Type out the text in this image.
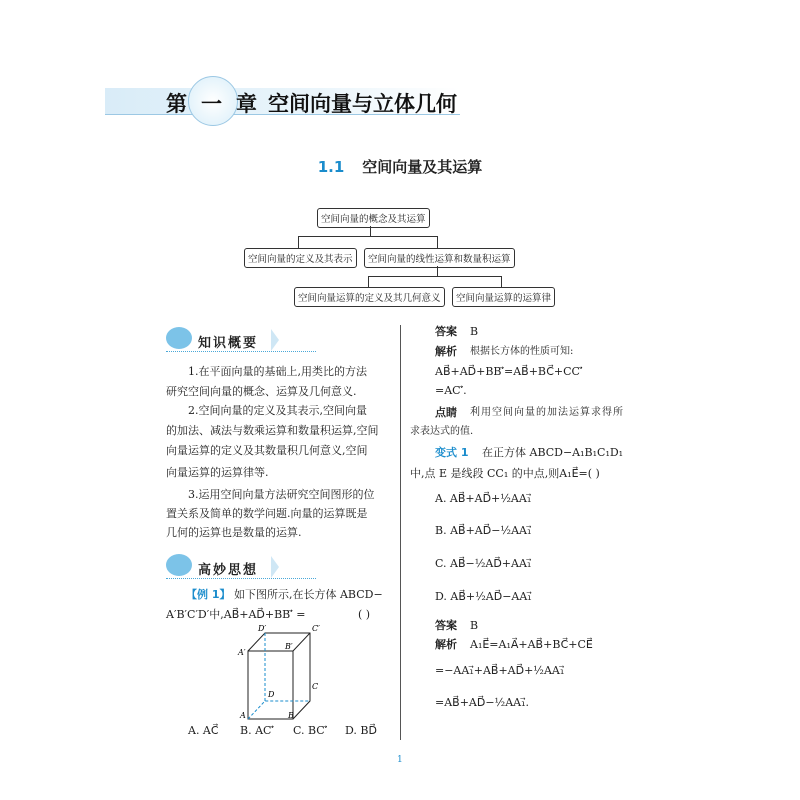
第 一 章 空间向量与立体几何
1.1 空间向量及其运算
空间向量的概念及其运算
空间向量的定义及其表示	空间向量的线性运算和数量积运算
空间向量运算的定义及其几何意义	空间向量运算的运算律
知识概要
1.在平面向量的基础上,用类比的方法
研究空间向量的概念、运算及几何意义.
2.空间向量的定义及其表示,空间向量
的加法、减法与数乘运算和数量积运算,空间
向量运算的定义及其数量积几何意义,空间
向量运算的运算律等.
3.运用空间向量方法研究空间图形的位
置关系及简单的数学问题.向量的运算既是
几何的运算也是数量的运算.
高妙思想
【例 1】 如下图所示,在长方体 ABCD−
A′B′C′D′中,AB⃗+AD⃗+BB′⃗ =	( )
D′	C′
A′
B′
D
C
A	B
A. AC⃗ B. AC′⃗ C. BC′⃗ D. BD⃗
答案 B
解析 根据长方体的性质可知:
AB⃗+AD⃗+BB′⃗=AB⃗+BC⃗+CC′⃗
=AC′⃗.
点睛 利用空间向量的加法运算求得所
求表达式的值.
变式 1 在正方体 ABCD−A₁B₁C₁D₁
中,点 E 是线段 CC₁ 的中点,则A₁E⃗=( )
A. AB⃗+AD⃗+½AA₁⃗
B. AB⃗+AD⃗−½AA₁⃗
C. AB⃗−½AD⃗+AA₁⃗
D. AB⃗+½AD⃗−AA₁⃗
答案 B
解析 A₁E⃗=A₁A⃗+AB⃗+BC⃗+CE⃗
=−AA₁⃗+AB⃗+AD⃗+½AA₁⃗
=AB⃗+AD⃗−½AA₁⃗.
1
